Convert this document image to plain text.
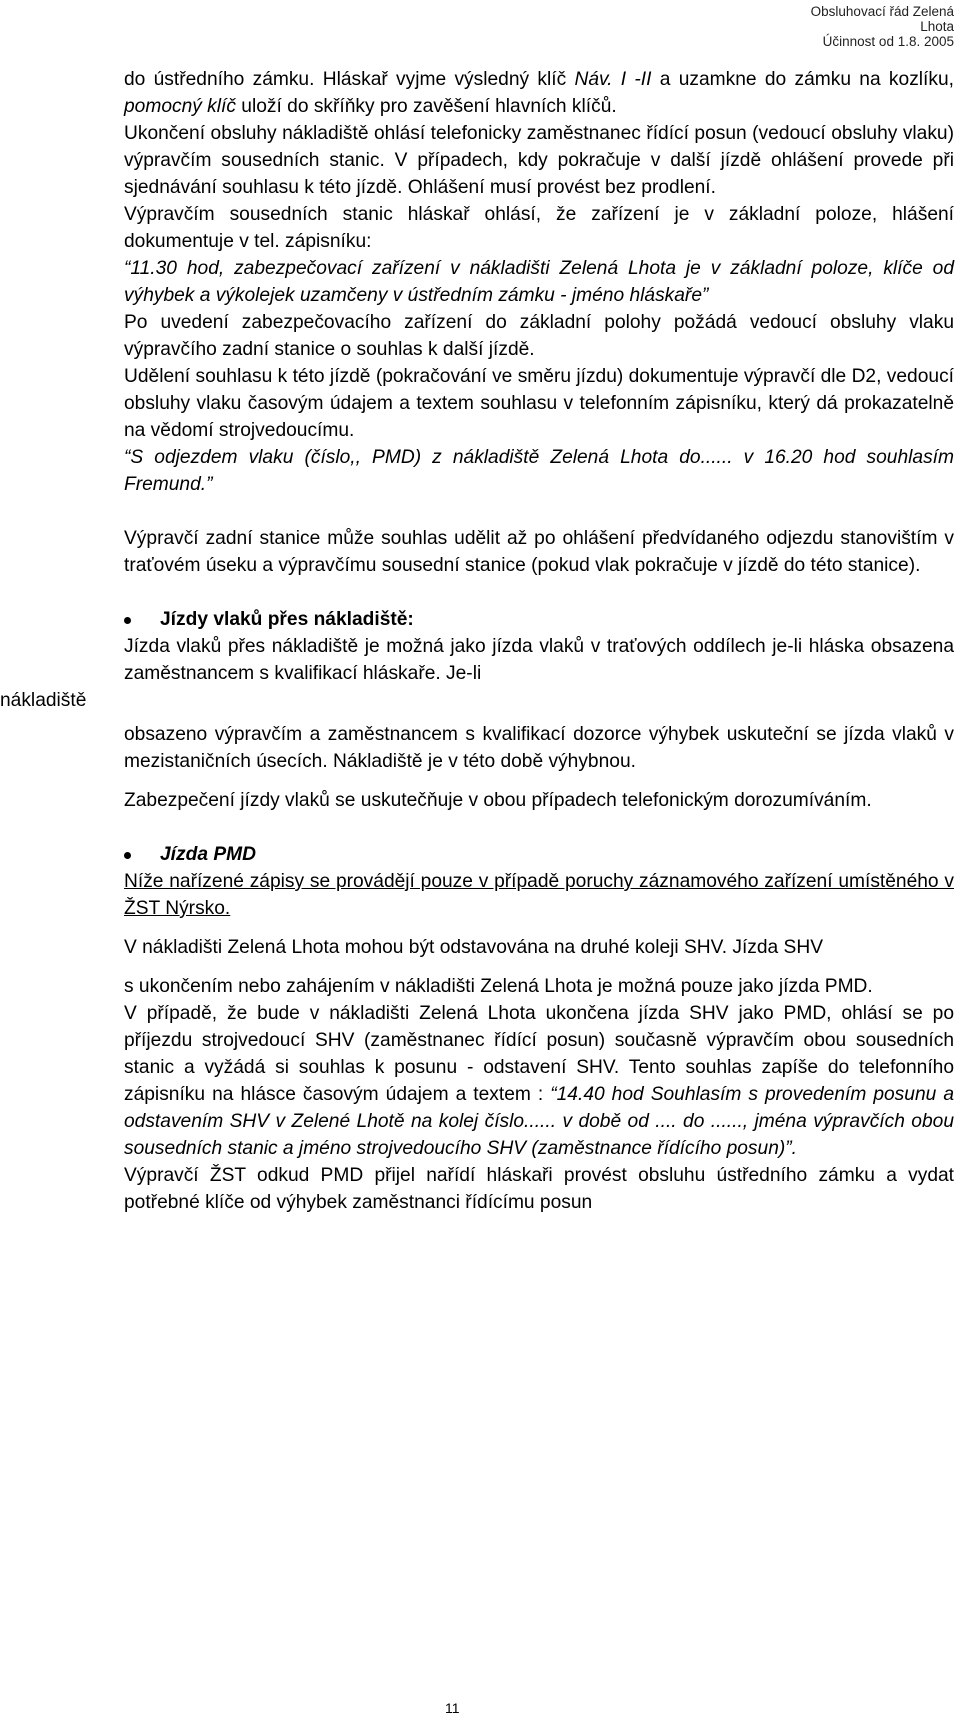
Obsluhovací řád Zelená
Lhota
Účinnost od 1.8. 2005
do ústředního zámku. Hláskař vyjme výsledný klíč Náv. I -II a uzamkne do zámku na kozlíku, pomocný klíč uloží do skříňky pro zavěšení hlavních klíčů.
Ukončení obsluhy nákladiště ohlásí telefonicky zaměstnanec řídící posun (vedoucí obsluhy vlaku) výpravčím sousedních stanic. V případech, kdy pokračuje v další jízdě ohlášení provede při sjednávání souhlasu k této jízdě. Ohlášení musí provést bez prodlení.
Výpravčím sousedních stanic hláskař ohlásí, že zařízení je v základní poloze, hlášení dokumentuje v tel. zápisníku:
“11.30 hod, zabezpečovací zařízení v nákladišti Zelená Lhota je v základní poloze, klíče od výhybek a výkolejek uzamčeny v ústředním zámku - jméno hláskaře”
Po uvedení zabezpečovacího zařízení do základní polohy požádá vedoucí obsluhy vlaku výpravčího zadní stanice o souhlas k další jízdě.
Udělení souhlasu k této jízdě (pokračování ve směru jízdu) dokumentuje výpravčí dle D2, vedoucí obsluhy vlaku časovým údajem a textem souhlasu v telefonním zápisníku, který dá prokazatelně na vědomí strojvedoucímu.
“S odjezdem vlaku (číslo,, PMD) z nákladiště Zelená Lhota do...... v 16.20 hod souhlasím Fremund.”
Výpravčí zadní stanice může souhlas udělit až po ohlášení předvídaného odjezdu stanovištím v traťovém úseku a výpravčímu sousední stanice (pokud vlak pokračuje v jízdě do této stanice).
Jízdy vlaků přes nákladiště:
Jízda vlaků přes nákladiště je možná jako jízda vlaků v traťových oddílech je-li hláska obsazena zaměstnancem s kvalifikací hláskaře. Je-li
nákladiště
obsazeno výpravčím a zaměstnancem s kvalifikací dozorce výhybek uskuteční se jízda vlaků v mezistaničních úsecích. Nákladiště je v této době výhybnou.
Zabezpečení jízdy vlaků se uskutečňuje v obou případech telefonickým dorozumíváním.
Jízda PMD
Níže nařízené zápisy se provádějí pouze v případě poruchy záznamového zařízení umístěného v ŽST Nýrsko.
V nákladišti Zelená Lhota mohou být odstavována na druhé koleji SHV. Jízda SHV
s ukončením nebo zahájením v nákladišti Zelená Lhota je možná pouze jako jízda PMD.
V případě, že bude v nákladišti Zelená Lhota ukončena jízda SHV jako PMD, ohlásí se po příjezdu strojvedoucí SHV (zaměstnanec řídící posun) současně výpravčím obou sousedních stanic a vyžádá si souhlas k posunu - odstavení SHV. Tento souhlas zapíše do telefonního zápisníku na hlásce časovým údajem a textem : “14.40 hod Souhlasím s provedením posunu a odstavením SHV v Zelené Lhotě na kolej číslo...... v době od .... do ......, jména výpravčích obou sousedních stanic a jméno strojvedoucího SHV (zaměstnance řídícího posun)”.
Výpravčí ŽST odkud PMD přijel nařídí hláskaři provést obsluhu ústředního zámku a vydat potřebné klíče od výhybek zaměstnanci řídícímu posun
11
